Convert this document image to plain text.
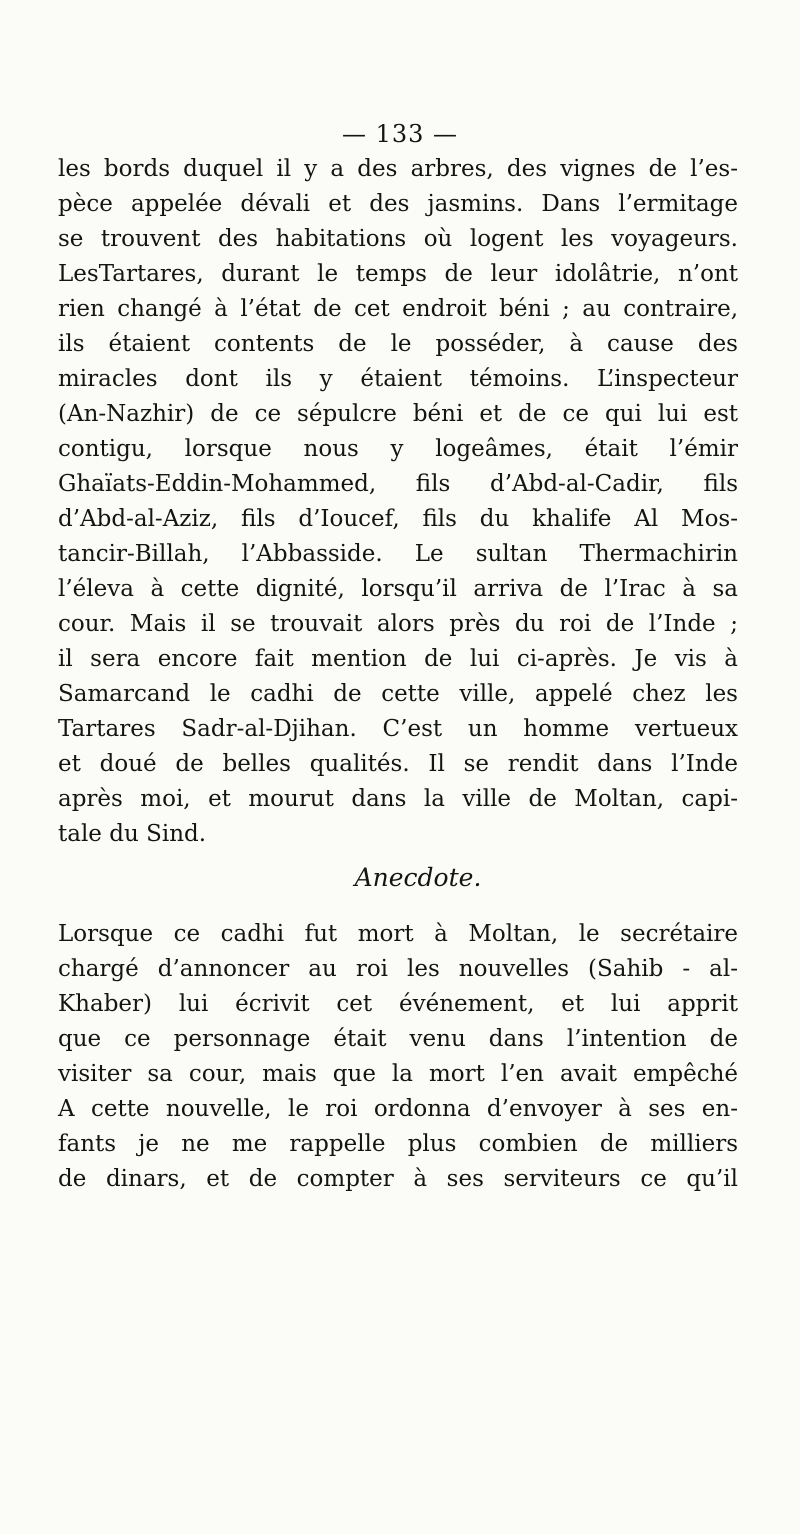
— 133 —
les bords duquel il y a des arbres, des vignes de l’es-
pèce appelée dévali et des jasmins. Dans l’ermitage
se trouvent des habitations où logent les voyageurs.
LesTartares, durant le temps de leur idolâtrie, n’ont
rien changé à l’état de cet endroit béni ; au contraire,
ils étaient contents de le posséder, à cause des
miracles dont ils y étaient témoins. L’inspecteur
(An-Nazhir) de ce sépulcre béni et de ce qui lui est
contigu, lorsque nous y logeâmes, était l’émir
Ghaïats-Eddin-Mohammed, fils d’Abd-al-Cadir, fils
d’Abd-al-Aziz, fils d’Ioucef, fils du khalife Al Mos-
tancir-Billah, l’Abbasside. Le sultan Thermachirin
l’éleva à cette dignité, lorsqu’il arriva de l’Irac à sa
cour. Mais il se trouvait alors près du roi de l’Inde ;
il sera encore fait mention de lui ci-après. Je vis à
Samarcand le cadhi de cette ville, appelé chez les
Tartares Sadr-al-Djihan. C’est un homme vertueux
et doué de belles qualités. Il se rendit dans l’Inde
après moi, et mourut dans la ville de Moltan, capi-
tale du Sind.
Anecdote.
Lorsque ce cadhi fut mort à Moltan, le secrétaire
chargé d’annoncer au roi les nouvelles (Sahib - al-
Khaber) lui écrivit cet événement, et lui apprit
que ce personnage était venu dans l’intention de
visiter sa cour, mais que la mort l’en avait empêché
A cette nouvelle, le roi ordonna d’envoyer à ses en-
fants je ne me rappelle plus combien de milliers
de dinars, et de compter à ses serviteurs ce qu’il
